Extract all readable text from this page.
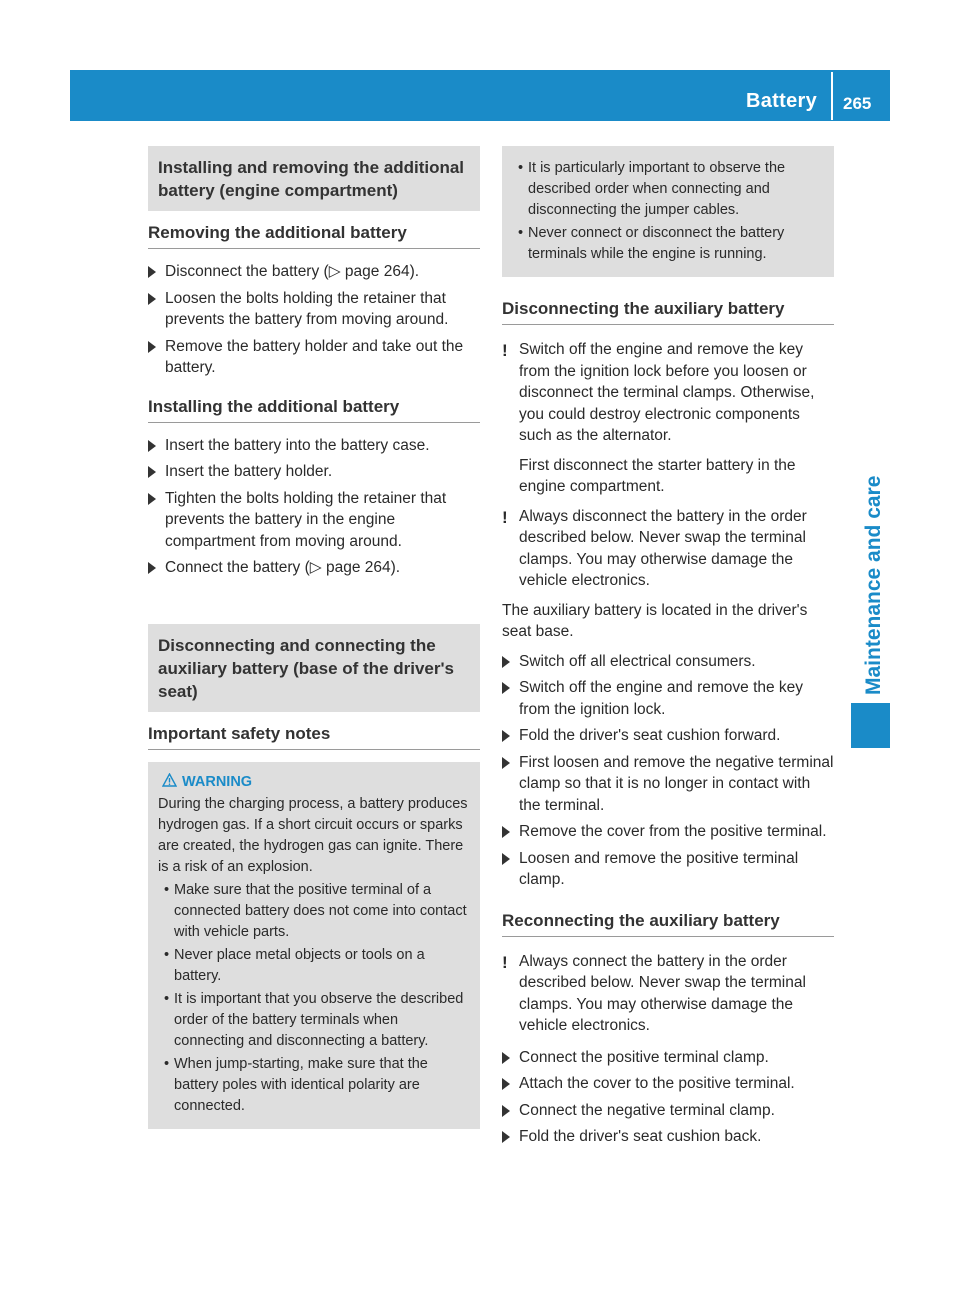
Battery 265
Maintenance and care
Installing and removing the additional battery (engine compartment)
Removing the additional battery
Disconnect the battery (▷ page 264).
Loosen the bolts holding the retainer that prevents the battery from moving around.
Remove the battery holder and take out the battery.
Installing the additional battery
Insert the battery into the battery case.
Insert the battery holder.
Tighten the bolts holding the retainer that prevents the battery in the engine compartment from moving around.
Connect the battery (▷ page 264).
Disconnecting and connecting the auxiliary battery (base of the driver's seat)
Important safety notes
WARNING
During the charging process, a battery produces hydrogen gas. If a short circuit occurs or sparks are created, the hydrogen gas can ignite. There is a risk of an explosion.
• Make sure that the positive terminal of a connected battery does not come into contact with vehicle parts.
• Never place metal objects or tools on a battery.
• It is important that you observe the described order of the battery terminals when connecting and disconnecting a battery.
• When jump-starting, make sure that the battery poles with identical polarity are connected.
• It is particularly important to observe the described order when connecting and disconnecting the jumper cables.
• Never connect or disconnect the battery terminals while the engine is running.
Disconnecting the auxiliary battery
! Switch off the engine and remove the key from the ignition lock before you loosen or disconnect the terminal clamps. Otherwise, you could destroy electronic components such as the alternator.
First disconnect the starter battery in the engine compartment.
! Always disconnect the battery in the order described below. Never swap the terminal clamps. You may otherwise damage the vehicle electronics.
The auxiliary battery is located in the driver's seat base.
Switch off all electrical consumers.
Switch off the engine and remove the key from the ignition lock.
Fold the driver's seat cushion forward.
First loosen and remove the negative terminal clamp so that it is no longer in contact with the terminal.
Remove the cover from the positive terminal.
Loosen and remove the positive terminal clamp.
Reconnecting the auxiliary battery
! Always connect the battery in the order described below. Never swap the terminal clamps. You may otherwise damage the vehicle electronics.
Connect the positive terminal clamp.
Attach the cover to the positive terminal.
Connect the negative terminal clamp.
Fold the driver's seat cushion back.
